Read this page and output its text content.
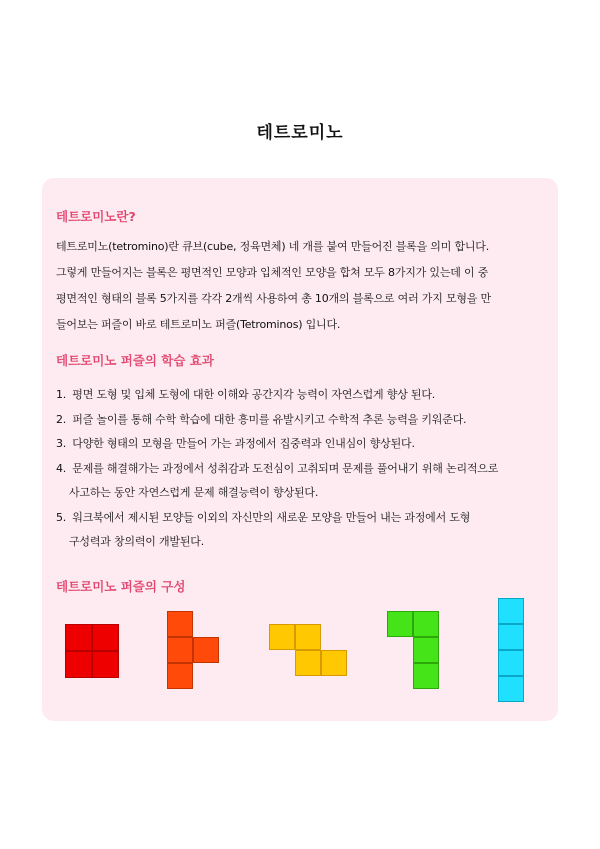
테트로미노
테트로미노란?

테트로미노(tetromino)란 큐브(cube, 정육면체) 네 개를 붙여 만들어진 블록을 의미 합니다.

그렇게 만들어지는 블록은 평면적인 모양과 입체적인 모양을 합쳐 모두 8가지가 있는데 이 중

평면적인 형태의 블록 5가지를 각각 2개씩 사용하여 총 10개의 블록으로 여러 가지 모형을 만

들어보는 퍼즐이 바로 테트로미노 퍼즐(Tetrominos) 입니다.

테트로미노 퍼즐의 학습 효과
1. 평면 도형 및 입체 도형에 대한 이해와 공간지각 능력이 자연스럽게 향상 된다.
2. 퍼즐 놀이를 통해 수학 학습에 대한 흥미를 유발시키고 수학적 추론 능력을 키워준다.
3. 다양한 형태의 모형을 만들어 가는 과정에서 집중력과 인내심이 향상된다.
4. 문제를 해결해가는 과정에서 성취감과 도전심이 고취되며 문제를 풀어내기 위해 논리적으로
사고하는 동안 자연스럽게 문제 해결능력이 향상된다.
5. 워크북에서 제시된 모양들 이외의 자신만의 새로운 모양을 만들어 내는 과정에서 도형
구성력과 창의력이 개발된다.
테트로미노 퍼즐의 구성
